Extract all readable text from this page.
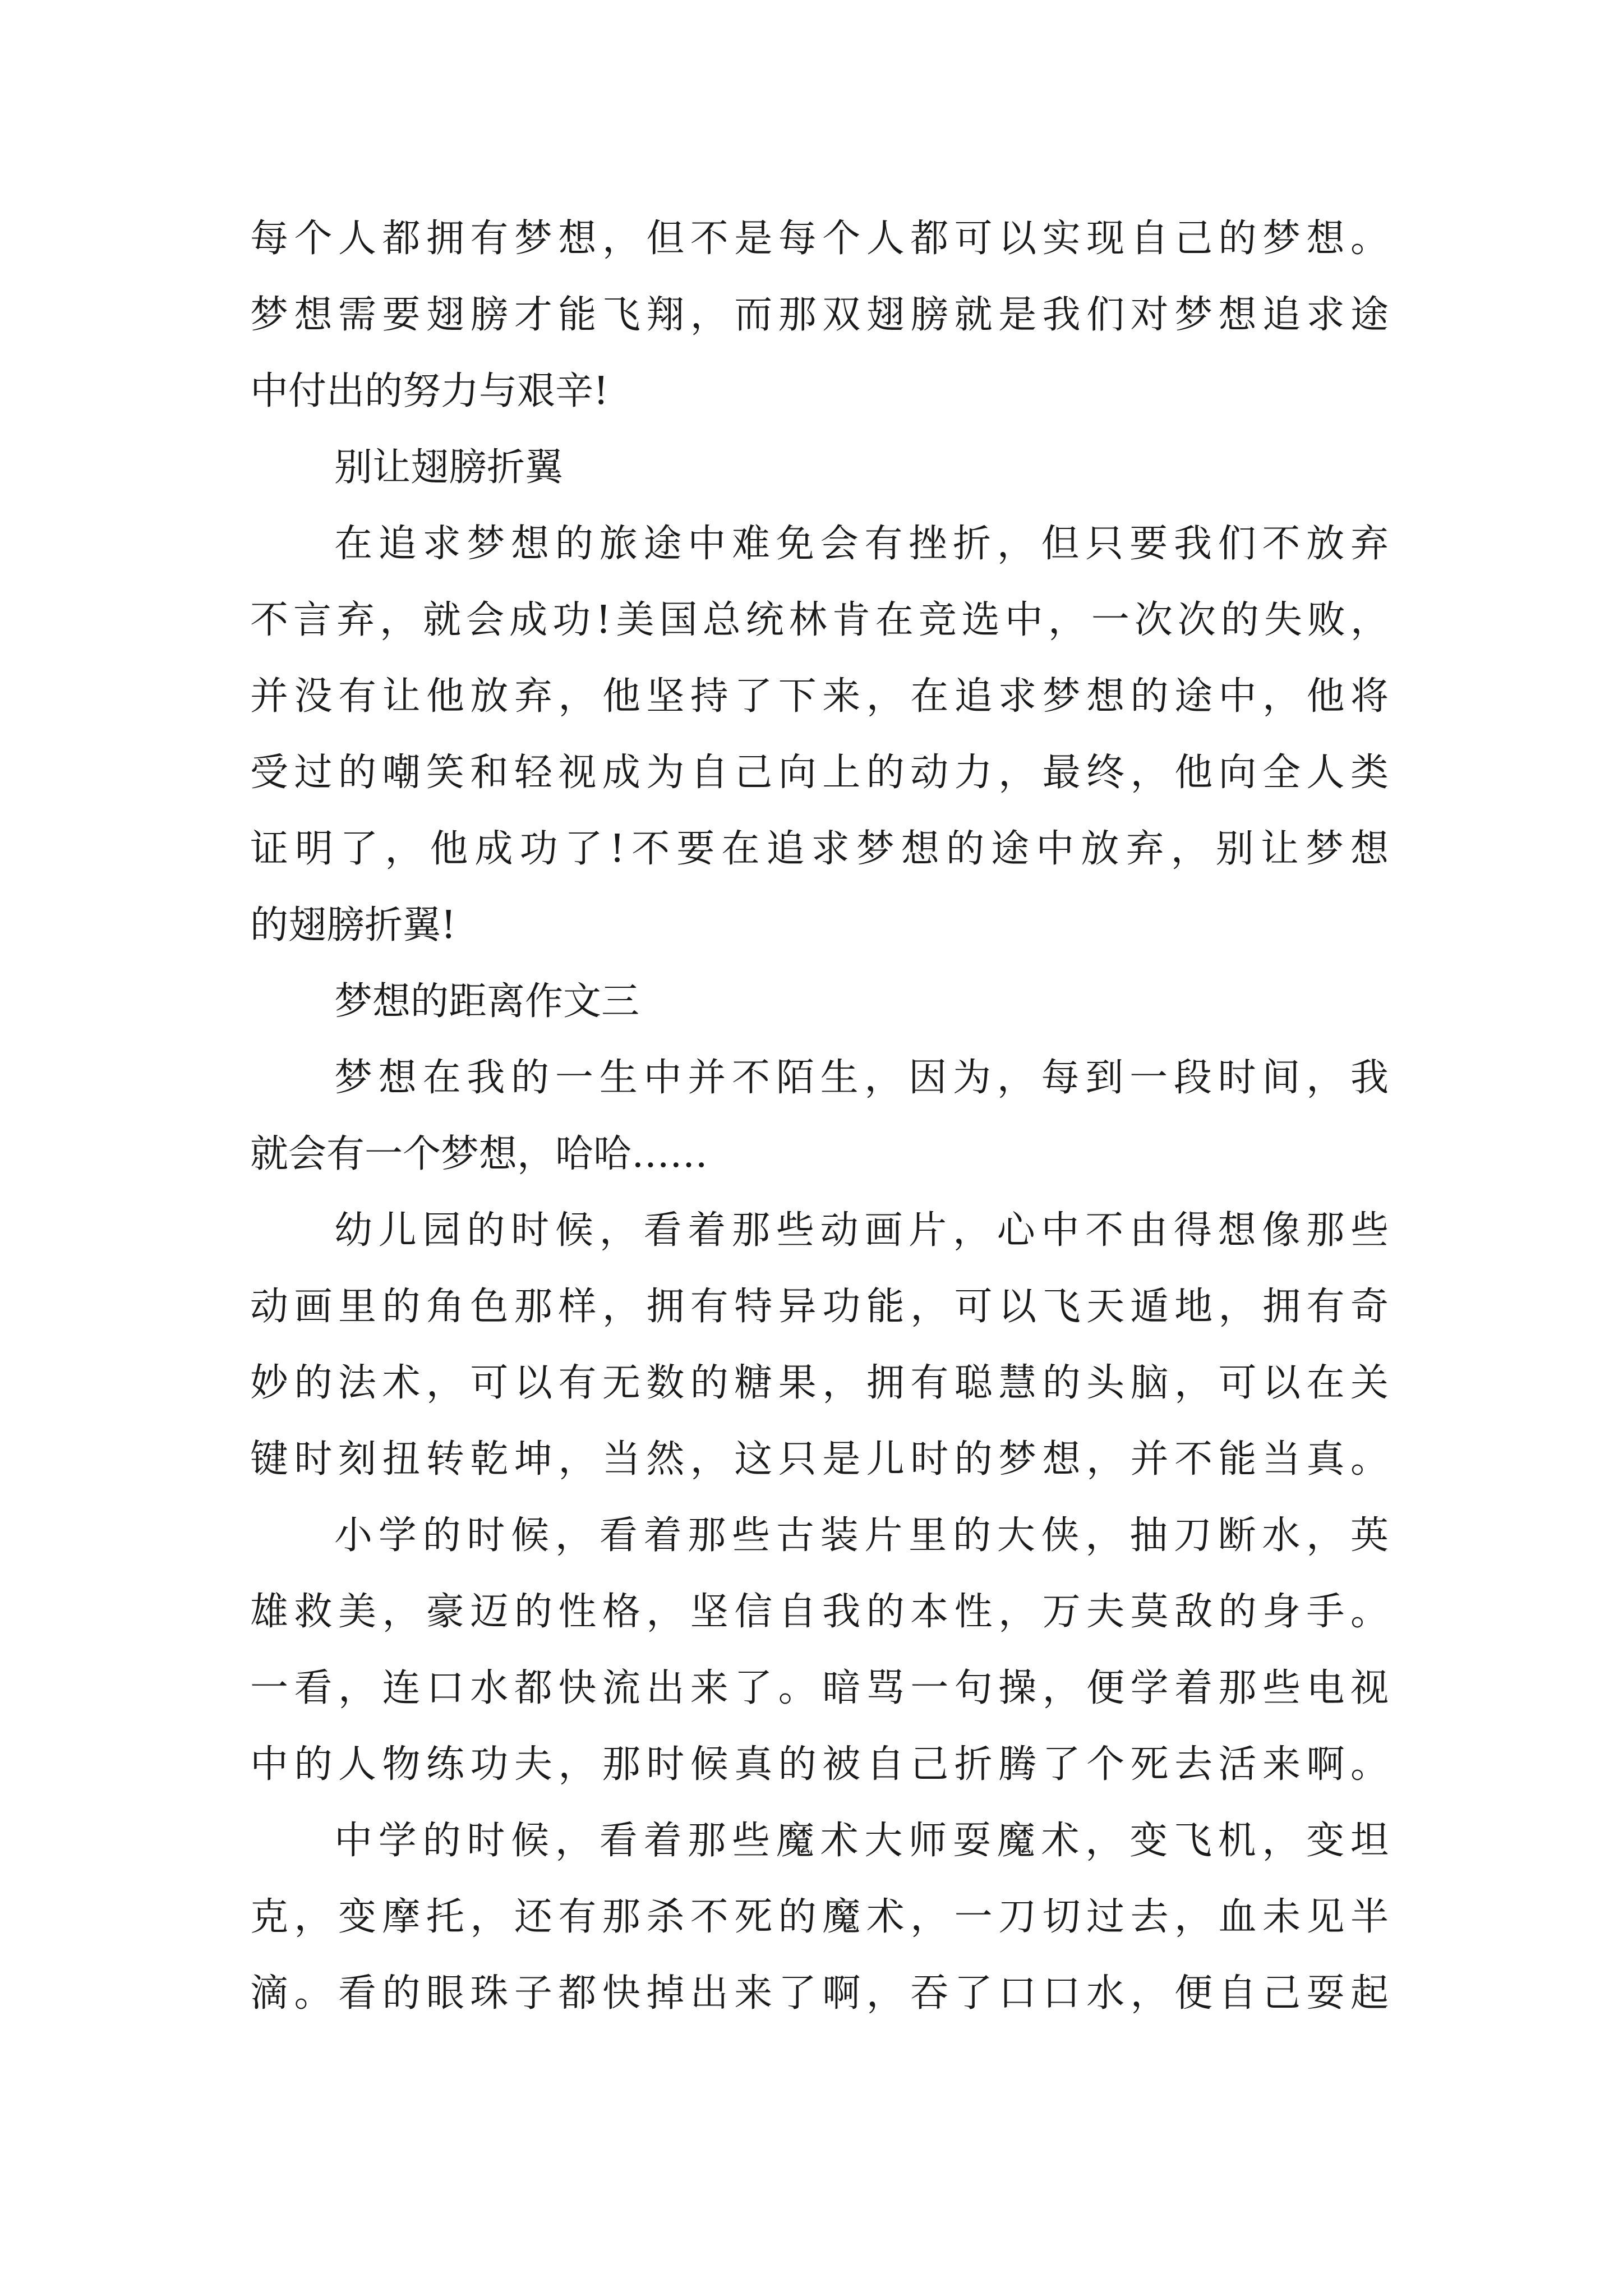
每个人都拥有梦想，但不是每个人都可以实现自己的梦想。
梦想需要翅膀才能飞翔，而那双翅膀就是我们对梦想追求途
中付出的努力与艰辛!
别让翅膀折翼
在追求梦想的旅途中难免会有挫折，但只要我们不放弃
不言弃，就会成功!美国总统林肯在竞选中，一次次的失败，
并没有让他放弃，他坚持了下来，在追求梦想的途中，他将
受过的嘲笑和轻视成为自己向上的动力，最终，他向全人类
证明了，他成功了!不要在追求梦想的途中放弃，别让梦想
的翅膀折翼!
梦想的距离作文三
梦想在我的一生中并不陌生，因为，每到一段时间，我
就会有一个梦想，哈哈……
幼儿园的时候，看着那些动画片，心中不由得想像那些
动画里的角色那样，拥有特异功能，可以飞天遁地，拥有奇
妙的法术，可以有无数的糖果，拥有聪慧的头脑，可以在关
键时刻扭转乾坤，当然，这只是儿时的梦想，并不能当真。
小学的时候，看着那些古装片里的大侠，抽刀断水，英
雄救美，豪迈的性格，坚信自我的本性，万夫莫敌的身手。
一看，连口水都快流出来了。暗骂一句操，便学着那些电视
中的人物练功夫，那时候真的被自己折腾了个死去活来啊。
中学的时候，看着那些魔术大师耍魔术，变飞机，变坦
克，变摩托，还有那杀不死的魔术，一刀切过去，血未见半
滴。看的眼珠子都快掉出来了啊，吞了口口水，便自己耍起
